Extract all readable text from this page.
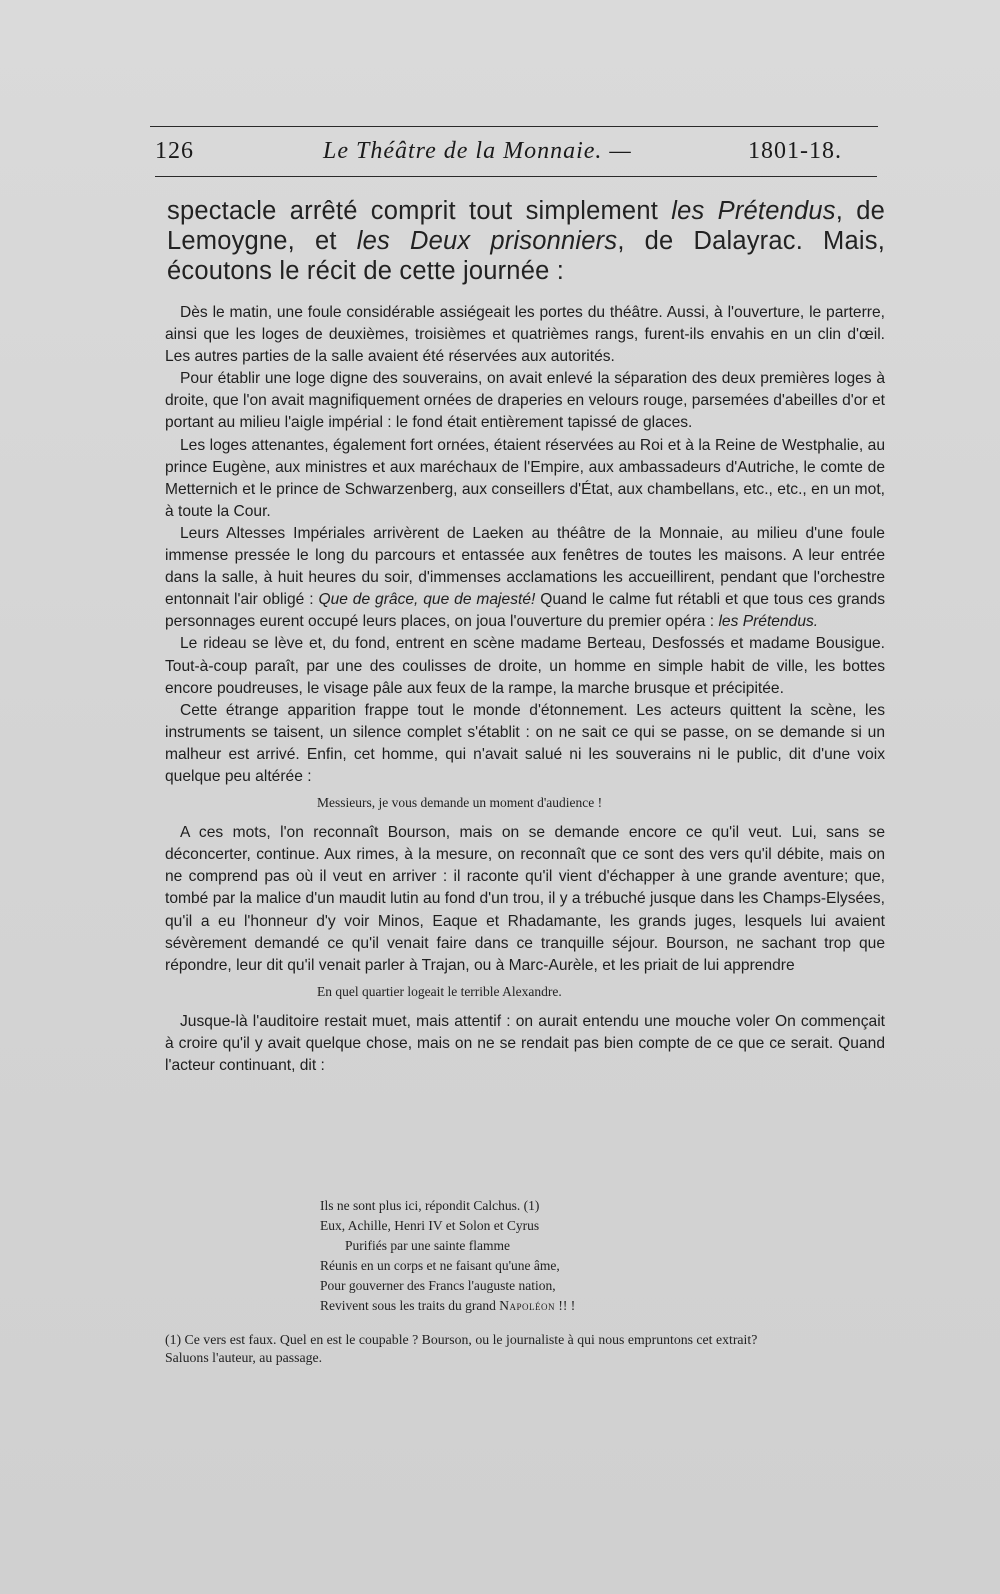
126	Le Théâtre de la Monnaie. —	1801-18.

spectacle arrêté comprit tout simplement les Prétendus, de Lemoygne, et les Deux prisonniers, de Dalayrac. Mais, écoutons le récit de cette journée :

Dès le matin, une foule considérable assiégeait les portes du théâtre. Aussi, à l'ouverture, le parterre, ainsi que les loges de deuxièmes, troisièmes et quatrièmes rangs, furent-ils envahis en un clin d'œil. Les autres parties de la salle avaient été réservées aux autorités.

Pour établir une loge digne des souverains, on avait enlevé la séparation des deux premières loges à droite, que l'on avait magnifiquement ornées de draperies en velours rouge, parsemées d'abeilles d'or et portant au milieu l'aigle impérial : le fond était entièrement tapissé de glaces.

Les loges attenantes, également fort ornées, étaient réservées au Roi et à la Reine de Westphalie, au prince Eugène, aux ministres et aux maréchaux de l'Empire, aux ambassadeurs d'Autriche, le comte de Metternich et le prince de Schwarzenberg, aux conseillers d'État, aux chambellans, etc., etc., en un mot, à toute la Cour.

Leurs Altesses Impériales arrivèrent de Laeken au théâtre de la Monnaie, au milieu d'une foule immense pressée le long du parcours et entassée aux fenêtres de toutes les maisons. A leur entrée dans la salle, à huit heures du soir, d'immenses acclamations les accueillirent, pendant que l'orchestre entonnait l'air obligé : Que de grâce, que de majesté! Quand le calme fut rétabli et que tous ces grands personnages eurent occupé leurs places, on joua l'ouverture du premier opéra : les Prétendus.

Le rideau se lève et, du fond, entrent en scène madame Berteau, Desfossés et madame Bousigue. Tout-à-coup paraît, par une des coulisses de droite, un homme en simple habit de ville, les bottes encore poudreuses, le visage pâle aux feux de la rampe, la marche brusque et précipitée.

Cette étrange apparition frappe tout le monde d'étonnement. Les acteurs quittent la scène, les instruments se taisent, un silence complet s'établit : on ne sait ce qui se passe, on se demande si un malheur est arrivé. Enfin, cet homme, qui n'avait salué ni les souverains ni le public, dit d'une voix quelque peu altérée :

Messieurs, je vous demande un moment d'audience !

A ces mots, l'on reconnaît Bourson, mais on se demande encore ce qu'il veut. Lui, sans se déconcerter, continue. Aux rimes, à la mesure, on reconnaît que ce sont des vers qu'il débite, mais on ne comprend pas où il veut en arriver : il raconte qu'il vient d'échapper à une grande aventure; que, tombé par la malice d'un maudit lutin au fond d'un trou, il y a trébuché jusque dans les Champs-Elysées, qu'il a eu l'honneur d'y voir Minos, Eaque et Rhadamante, les grands juges, lesquels lui avaient sévèrement demandé ce qu'il venait faire dans ce tranquille séjour. Bourson, ne sachant trop que répondre, leur dit qu'il venait parler à Trajan, ou à Marc-Aurèle, et les priait de lui apprendre

En quel quartier logeait le terrible Alexandre.

Jusque-là l'auditoire restait muet, mais attentif : on aurait entendu une mouche voler On commençait à croire qu'il y avait quelque chose, mais on ne se rendait pas bien compte de ce que ce serait. Quand l'acteur continuant, dit :

Ils ne sont plus ici, répondit Calchus. (1)
Eux, Achille, Henri IV et Solon et Cyrus
Purifiés par une sainte flamme
Réunis en un corps et ne faisant qu'une âme,
Pour gouverner des Francs l'auguste nation,
Revivent sous les traits du grand Napoléon !! !

(1) Ce vers est faux. Quel en est le coupable ? Bourson, ou le journaliste à qui nous empruntons cet extrait?

Saluons l'auteur, au passage.
